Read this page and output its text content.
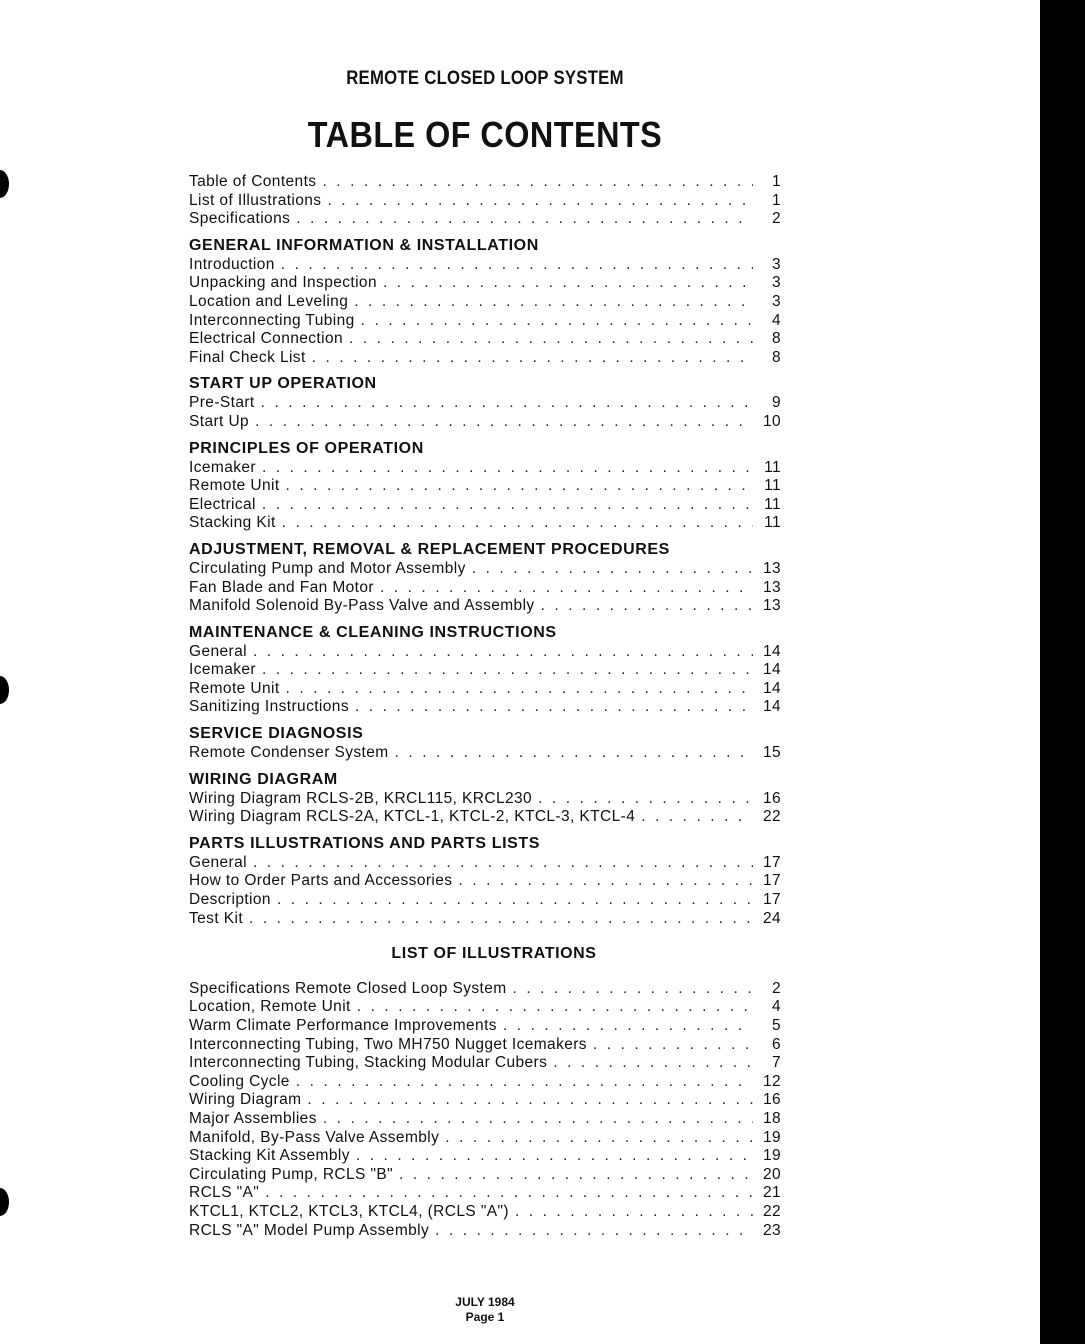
REMOTE CLOSED LOOP SYSTEM
TABLE OF CONTENTS
Table of Contents . . .	1
List of Illustrations . . .	1
Specifications . . .	2
GENERAL INFORMATION & INSTALLATION
Introduction . . .	3
Unpacking and Inspection . . .	3
Location and Leveling . . .	3
Interconnecting Tubing . . .	4
Electrical Connection . . .	8
Final Check List . . .	8
START UP OPERATION
Pre-Start . . .	9
Start Up . . .	10
PRINCIPLES OF OPERATION
Icemaker . . .	11
Remote Unit . . .	11
Electrical . . .	11
Stacking Kit . . .	11
ADJUSTMENT, REMOVAL & REPLACEMENT PROCEDURES
Circulating Pump and Motor Assembly . . .	13
Fan Blade and Fan Motor . . .	13
Manifold Solenoid By-Pass Valve and Assembly . . .	13
MAINTENANCE & CLEANING INSTRUCTIONS
General . . .	14
Icemaker . . .	14
Remote Unit . . .	14
Sanitizing Instructions . . .	14
SERVICE DIAGNOSIS
Remote Condenser System . . .	15
WIRING DIAGRAM
Wiring Diagram RCLS-2B, KRCL115, KRCL230 . . .	16
Wiring Diagram RCLS-2A, KTCL-1, KTCL-2, KTCL-3, KTCL-4 . . .	22
PARTS ILLUSTRATIONS AND PARTS LISTS
General . . .	17
How to Order Parts and Accessories . . .	17
Description . . .	17
Test Kit . . .	24
LIST OF ILLUSTRATIONS
Specifications Remote Closed Loop System . . .	2
Location, Remote Unit . . .	4
Warm Climate Performance Improvements . . .	5
Interconnecting Tubing, Two MH750 Nugget Icemakers . . .	6
Interconnecting Tubing, Stacking Modular Cubers . . .	7
Cooling Cycle . . .	12
Wiring Diagram . . .	16
Major Assemblies . . .	18
Manifold, By-Pass Valve Assembly . . .	19
Stacking Kit Assembly . . .	19
Circulating Pump, RCLS "B" . . .	20
RCLS "A" . . .	21
KTCL1, KTCL2, KTCL3, KTCL4, (RCLS "A") . . .	22
RCLS "A" Model Pump Assembly . . .	23
JULY 1984
Page 1
